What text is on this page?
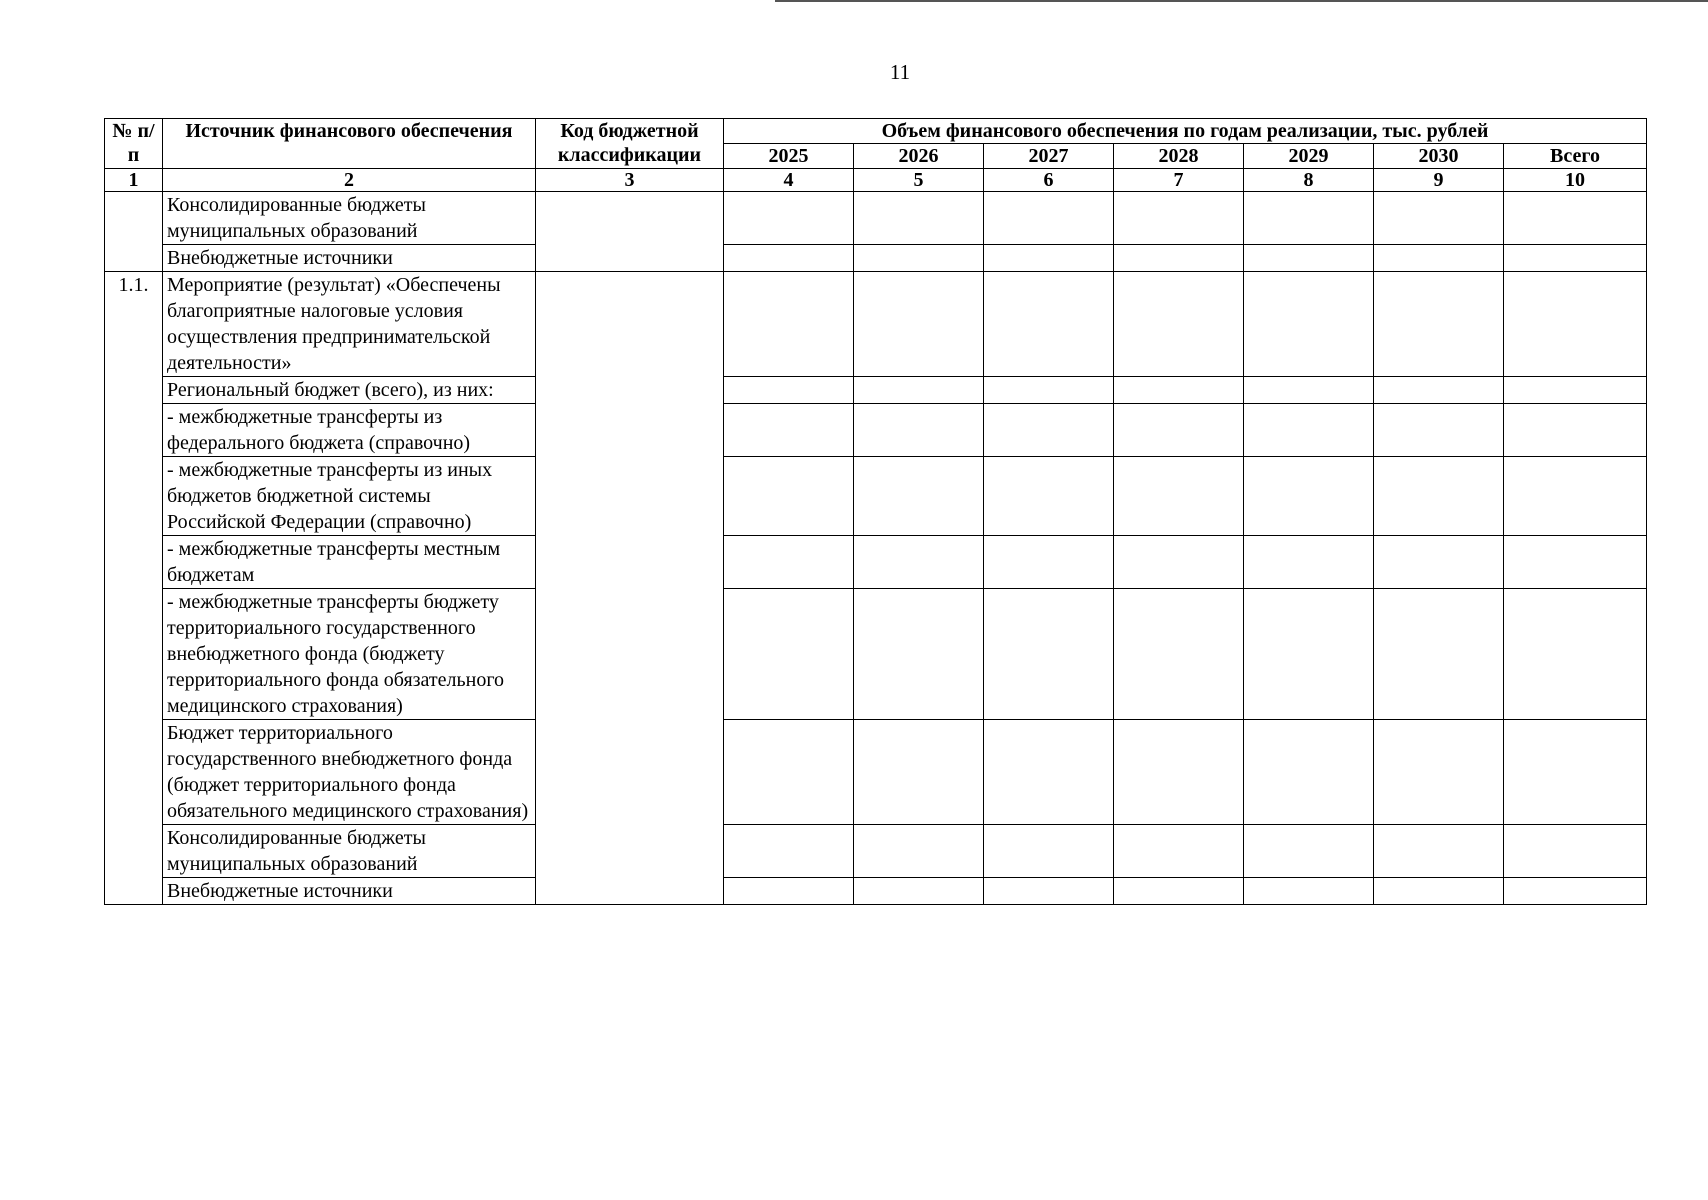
11
№ п/п	Источник финансового обеспечения	Код бюджетной классификации	Объем финансового обеспечения по годам реализации, тыс. рублей						
			2025	2026	2027	2028	2029	2030	Всего
1	2	3	4	5	6	7	8	9	10
	Консолидированные бюджеты муниципальных образований								
	Внебюджетные источники								
1.1.	Мероприятие (результат) «Обеспечены благоприятные налоговые условия осуществления предпринимательской деятельности»								
	Региональный бюджет (всего), из них:								
	- межбюджетные трансферты из федерального бюджета (справочно)								
	- межбюджетные трансферты из иных бюджетов бюджетной системы Российской Федерации (справочно)								
	- межбюджетные трансферты местным бюджетам								
	- межбюджетные трансферты бюджету территориального государственного внебюджетного фонда (бюджету территориального фонда обязательного медицинского страхования)								
	Бюджет территориального государственного внебюджетного фонда (бюджет территориального фонда обязательного медицинского страхования)								
	Консолидированные бюджеты муниципальных образований								
	Внебюджетные источники								
